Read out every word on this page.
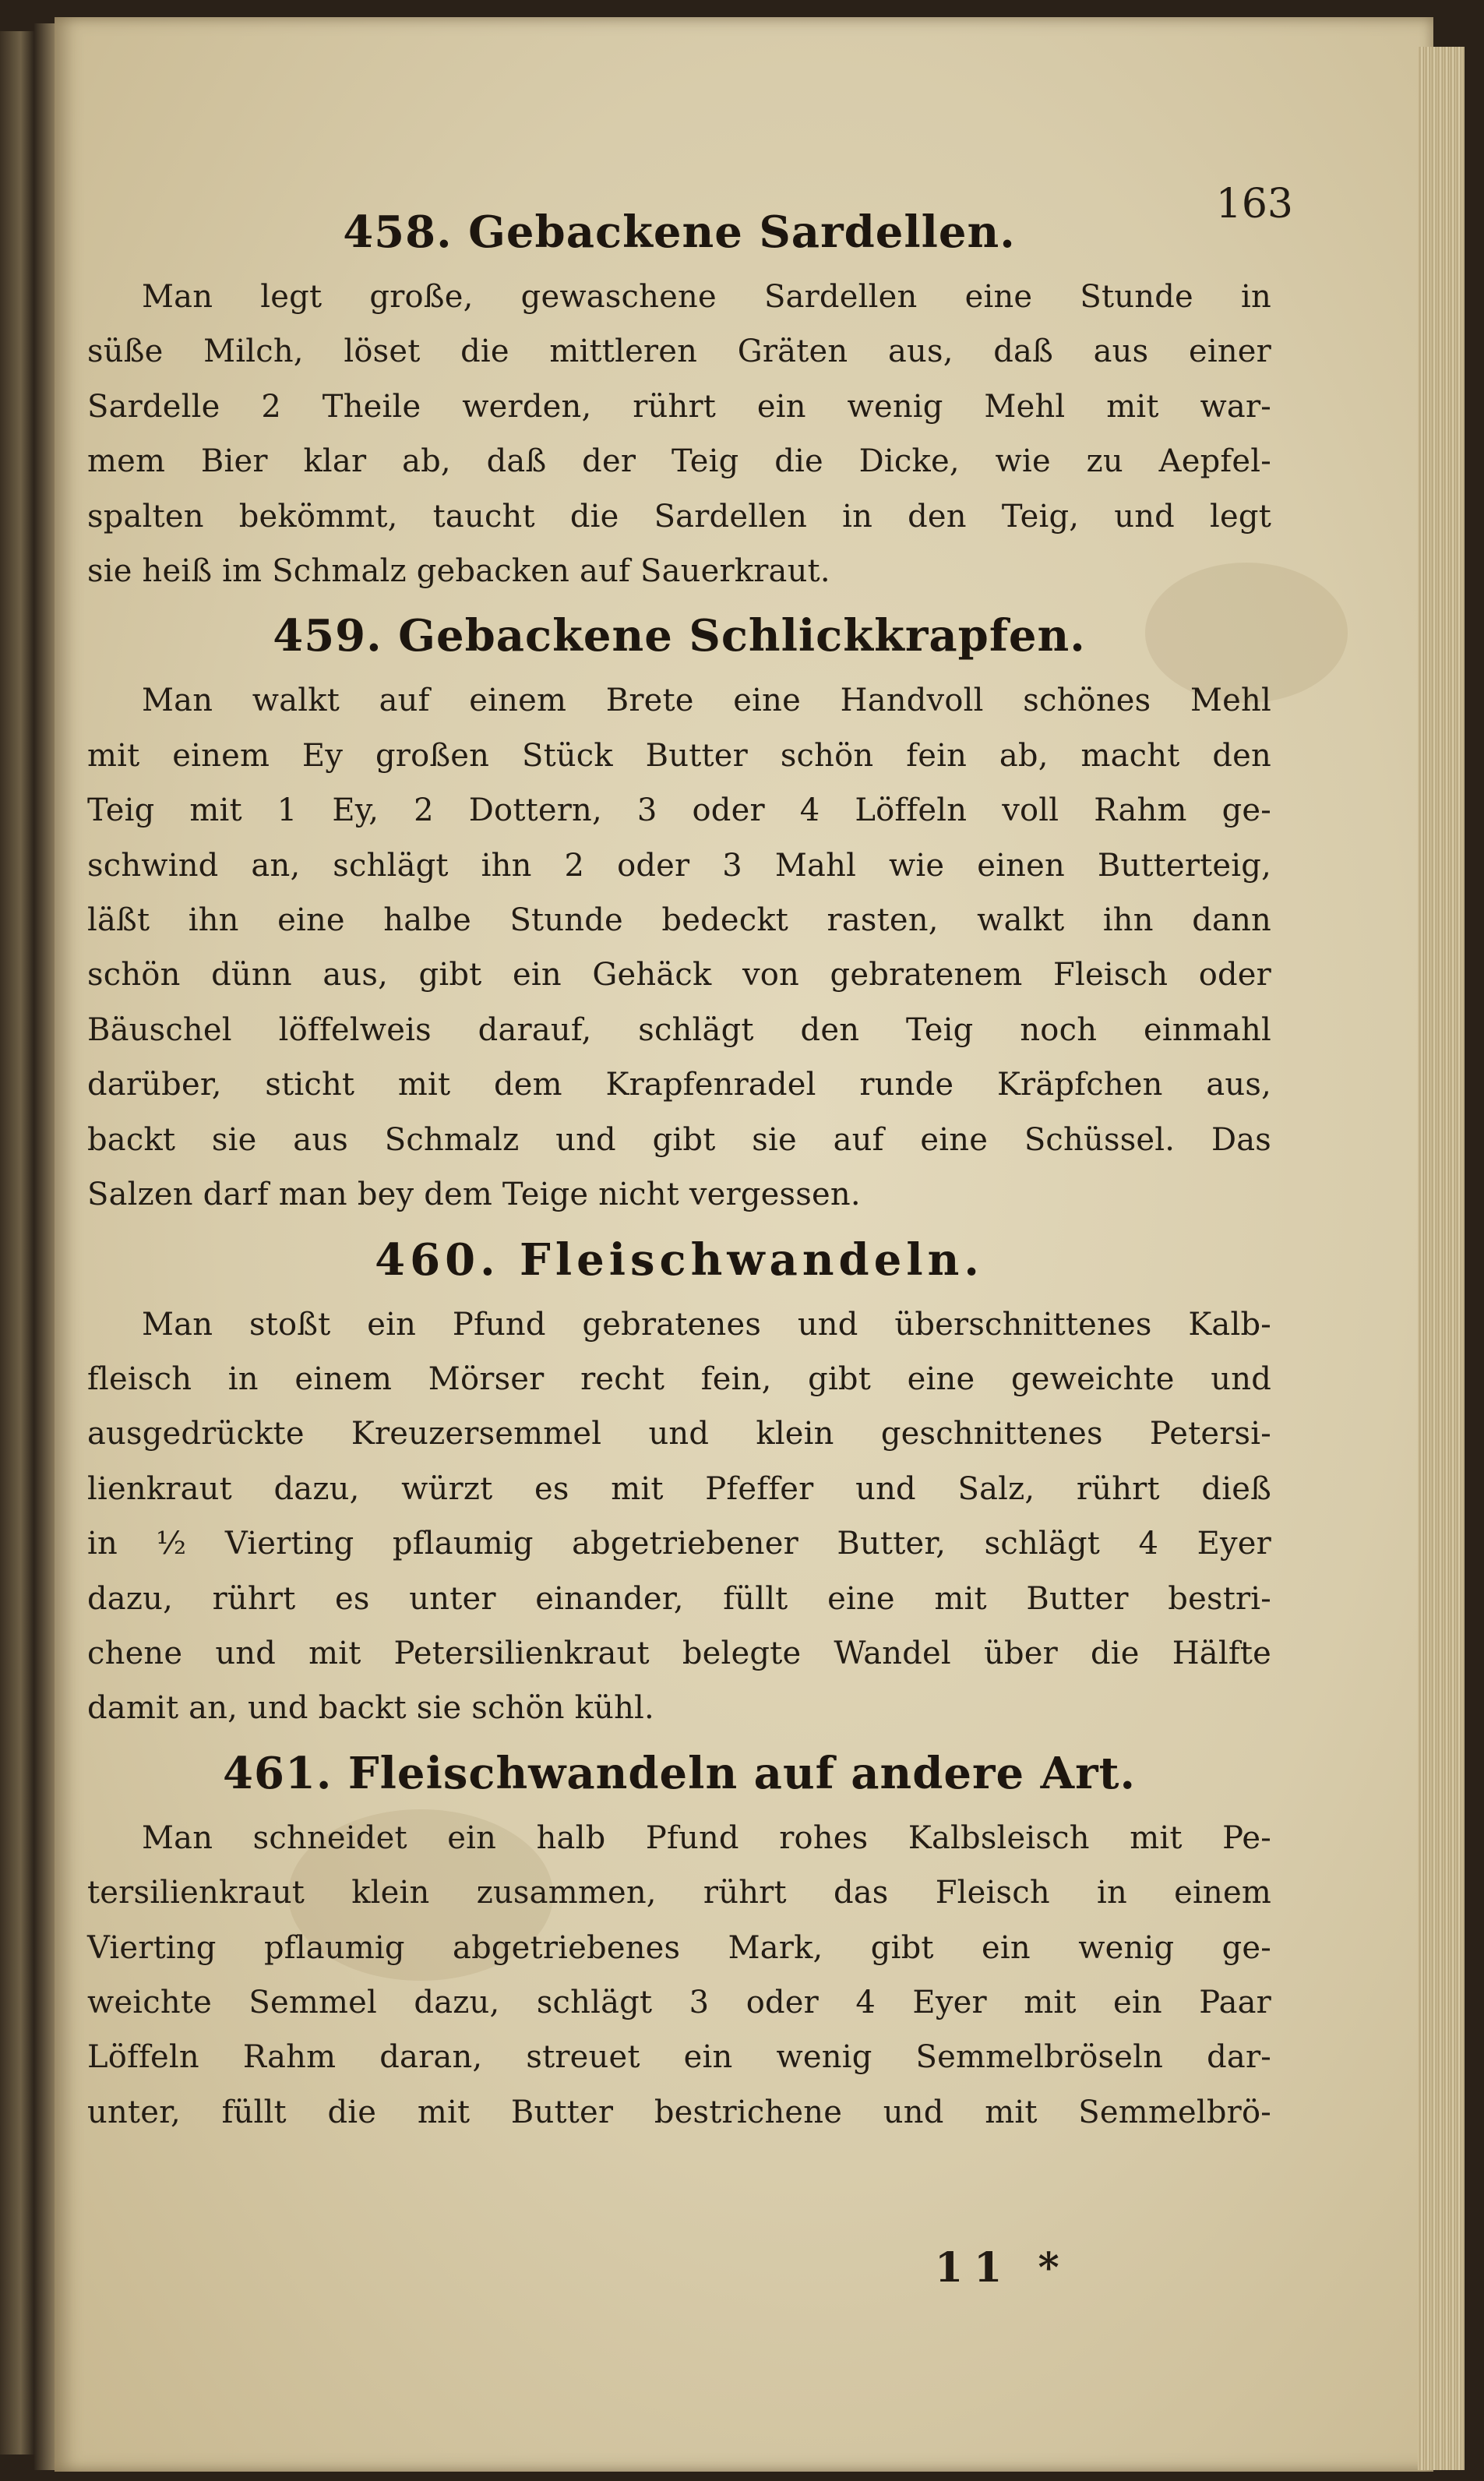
163
458. Gebackene Sardellen.
Man legt große, gewaschene Sardellen eine Stunde in
süße Milch, löset die mittleren Gräten aus, daß aus einer
Sardelle 2 Theile werden, rührt ein wenig Mehl mit war-
mem Bier klar ab, daß der Teig die Dicke, wie zu Aepfel-
spalten bekömmt, taucht die Sardellen in den Teig, und legt
sie heiß im Schmalz gebacken auf Sauerkraut.
459. Gebackene Schlickkrapfen.
Man walkt auf einem Brete eine Handvoll schönes Mehl
mit einem Ey großen Stück Butter schön fein ab, macht den
Teig mit 1 Ey, 2 Dottern, 3 oder 4 Löffeln voll Rahm ge-
schwind an, schlägt ihn 2 oder 3 Mahl wie einen Butterteig,
läßt ihn eine halbe Stunde bedeckt rasten, walkt ihn dann
schön dünn aus, gibt ein Gehäck von gebratenem Fleisch oder
Bäuschel löffelweis darauf, schlägt den Teig noch einmahl
darüber, sticht mit dem Krapfenradel runde Kräpfchen aus,
backt sie aus Schmalz und gibt sie auf eine Schüssel. Das
Salzen darf man bey dem Teige nicht vergessen.
460. Fleischwandeln.
Man stoßt ein Pfund gebratenes und überschnittenes Kalb-
fleisch in einem Mörser recht fein, gibt eine geweichte und
ausgedrückte Kreuzersemmel und klein geschnittenes Petersi-
lienkraut dazu, würzt es mit Pfeffer und Salz, rührt dieß
in ½ Vierting pflaumig abgetriebener Butter, schlägt 4 Eyer
dazu, rührt es unter einander, füllt eine mit Butter bestri-
chene und mit Petersilienkraut belegte Wandel über die Hälfte
damit an, und backt sie schön kühl.
461. Fleischwandeln auf andere Art.
Man schneidet ein halb Pfund rohes Kalbsleisch mit Pe-
tersilienkraut klein zusammen, rührt das Fleisch in einem
Vierting pflaumig abgetriebenes Mark, gibt ein wenig ge-
weichte Semmel dazu, schlägt 3 oder 4 Eyer mit ein Paar
Löffeln Rahm daran, streuet ein wenig Semmelbröseln dar-
unter, füllt die mit Butter bestrichene und mit Semmelbrö-
11 *
